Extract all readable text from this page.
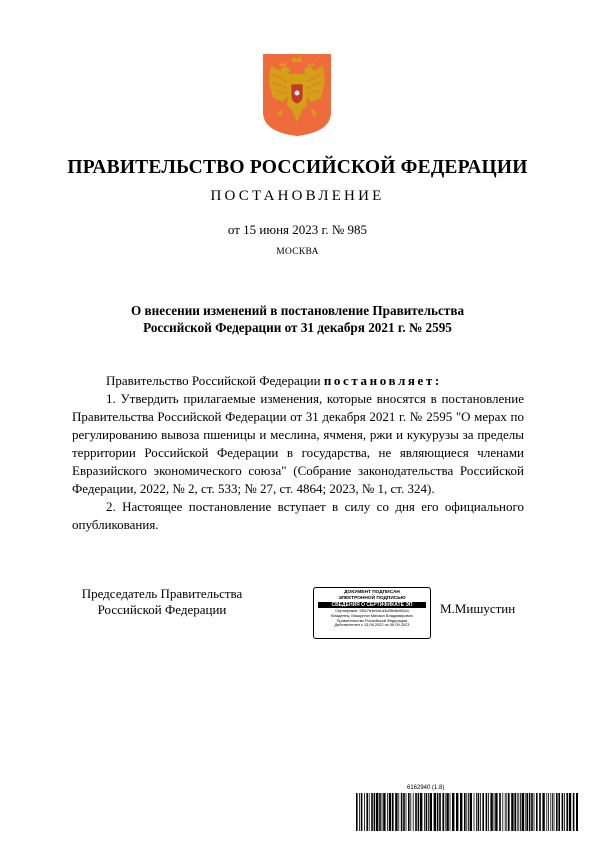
ПРАВИТЕЛЬСТВО РОССИЙСКОЙ ФЕДЕРАЦИИ
ПОСТАНОВЛЕНИЕ
от 15 июня 2023 г. № 985
МОСКВА
О внесении изменений в постановление Правительства
Российской Федерации от 31 декабря 2021 г. № 2595

Правительство Российской Федерации постановляет:

1. Утвердить прилагаемые изменения, которые вносятся в постановление Правительства Российской Федерации от 31 декабря 2021 г. № 2595 "О мерах по регулированию вывоза пшеницы и меслина, ячменя, ржи и кукурузы за пределы территории Российской Федерации в государства, не являющиеся членами Евразийского экономического союза" (Собрание законодательства Российской Федерации, 2022, № 2, ст. 533; № 27, ст. 4864; 2023, № 1, ст. 324).

2. Настоящее постановление вступает в силу со дня его официального опубликования.

Председатель Правительства
Российской Федерации
ДОКУМЕНТ ПОДПИСАН
ЭЛЕКТРОННОЙ ПОДПИСЬЮ
СВЕДЕНИЯ О СЕРТИФИКАТЕ ЭП
Сертификат: 2f0c7b4e9a1d3c58b6e0f2a4
Владелец: Мишустин Михаил Владимирович
Правительство Российской Федерации
Действителен с 13.06.2022 по 06.09.2023
М.Мишустин
6162940 (1.8)
